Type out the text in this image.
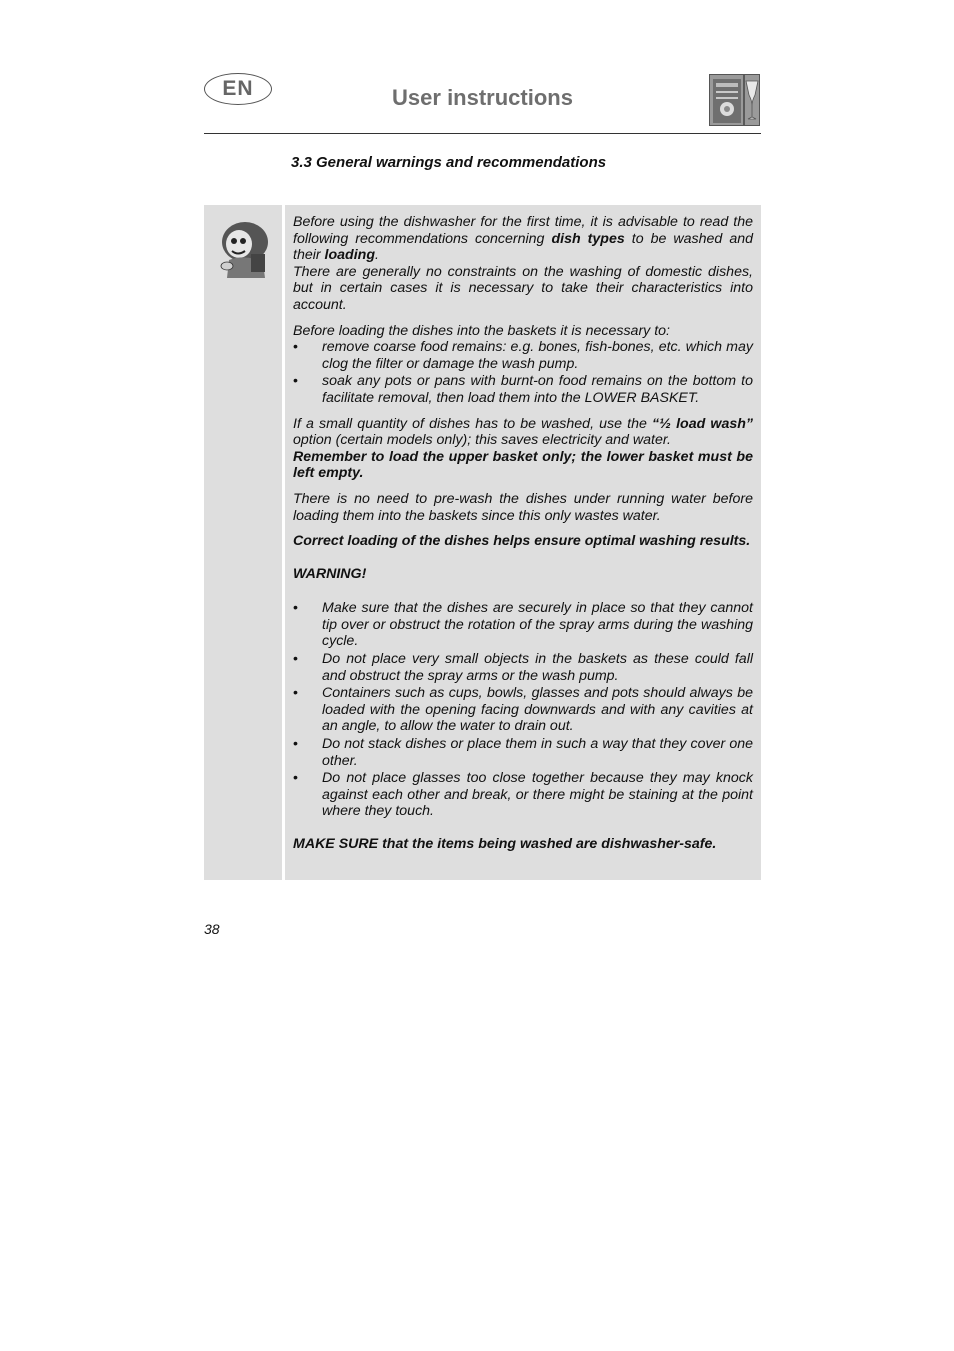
EN	User instructions
3.3 General warnings and recommendations

Before using the dishwasher for the first time, it is advisable to read the following recommendations concerning dish types to be washed and their loading.

There are generally no constraints on the washing of domestic dishes, but in certain cases it is necessary to take their characteristics into account.

Before loading the dishes into the baskets it is necessary to:

• remove coarse food remains: e.g. bones, fish-bones, etc. which may clog the filter or damage the wash pump.
• soak any pots or pans with burnt-on food remains on the bottom to facilitate removal, then load them into the LOWER BASKET.

If a small quantity of dishes has to be washed, use the “½ load wash” option (certain models only); this saves electricity and water.

Remember to load the upper basket only; the lower basket must be left empty.

There is no need to pre-wash the dishes under running water before loading them into the baskets since this only wastes water.

Correct loading of the dishes helps ensure optimal washing results.

WARNING!

• Make sure that the dishes are securely in place so that they cannot tip over or obstruct the rotation of the spray arms during the washing cycle.
• Do not place very small objects in the baskets as these could fall and obstruct the spray arms or the wash pump.
• Containers such as cups, bowls, glasses and pots should always be loaded with the opening facing downwards and with any cavities at an angle, to allow the water to drain out.
• Do not stack dishes or place them in such a way that they cover one other.
• Do not place glasses too close together because they may knock against each other and break, or there might be staining at the point where they touch.

MAKE SURE that the items being washed are dishwasher-safe.

38
